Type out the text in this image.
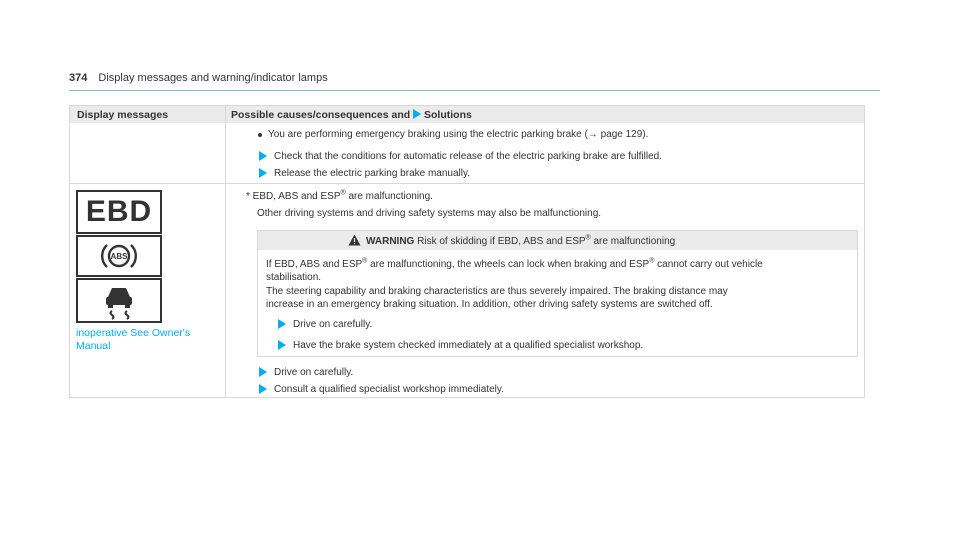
374 Display messages and warning/indicator lamps
Display messages	Possible causes/consequences and Solutions
You are performing emergency braking using the electric parking brake (→ page 129).
Check that the conditions for automatic release of the electric parking brake are fulfilled.
Release the electric parking brake manually.
EBD
ABS
inoperative See Owner's
Manual
* EBD, ABS and ESP® are malfunctioning.
Other driving systems and driving safety systems may also be malfunctioning.
WARNING Risk of skidding if EBD, ABS and ESP® are malfunctioning
If EBD, ABS and ESP® are malfunctioning, the wheels can lock when braking and ESP® cannot carry out vehicle
stabilisation.
The steering capability and braking characteristics are thus severely impaired. The braking distance may
increase in an emergency braking situation. In addition, other driving safety systems are switched off.
Drive on carefully.
Have the brake system checked immediately at a qualified specialist workshop.
Drive on carefully.
Consult a qualified specialist workshop immediately.
